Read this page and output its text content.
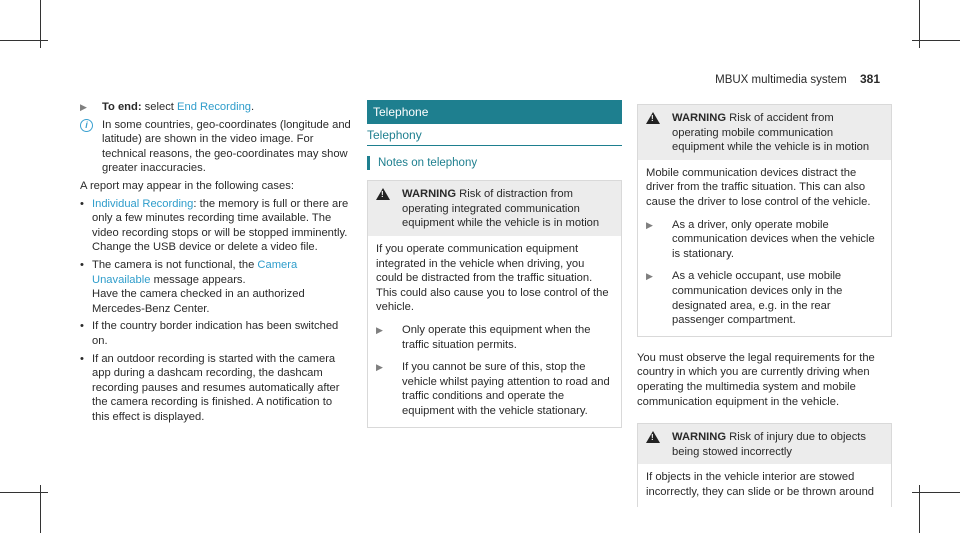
MBUX multimedia system 381
▶	To end: select End Recording.
i	In some countries, geo-coordinates (longitude and latitude) are shown in the video image. For technical reasons, the geo-coordinates may show greater inaccuracies.
A report may appear in the following cases:
• Individual Recording: the memory is full or there are only a few minutes recording time available. The video recording stops or will be stopped imminently.
Change the USB device or delete a video file.
• The camera is not functional, the Camera Unavailable message appears.
Have the camera checked in an authorized Mercedes-Benz Center.
• If the country border indication has been switched on.
• If an outdoor recording is started with the camera app during a dashcam recording, the dashcam recording pauses and resumes automatically after the camera recording is finished. A notification to this effect is displayed.
Telephone
Telephony
Notes on telephony
!
WARNING Risk of distraction from operating integrated communication equipment while the vehicle is in motion
If you operate communication equipment integrated in the vehicle when driving, you could be distracted from the traffic situation. This could also cause you to lose control of the vehicle.
▶	Only operate this equipment when the traffic situation permits.
▶	If you cannot be sure of this, stop the vehicle whilst paying attention to road and traffic conditions and operate the equipment with the vehicle stationary.
!
WARNING Risk of accident from operating mobile communication equipment while the vehicle is in motion
Mobile communication devices distract the driver from the traffic situation. This can also cause the driver to lose control of the vehicle.
▶	As a driver, only operate mobile communication devices when the vehicle is stationary.
▶	As a vehicle occupant, use mobile communication devices only in the designated area, e.g. in the rear passenger compartment.
You must observe the legal requirements for the country in which you are currently driving when operating the multimedia system and mobile communication equipment in the vehicle.
!
WARNING Risk of injury due to objects being stowed incorrectly
If objects in the vehicle interior are stowed incorrectly, they can slide or be thrown around
